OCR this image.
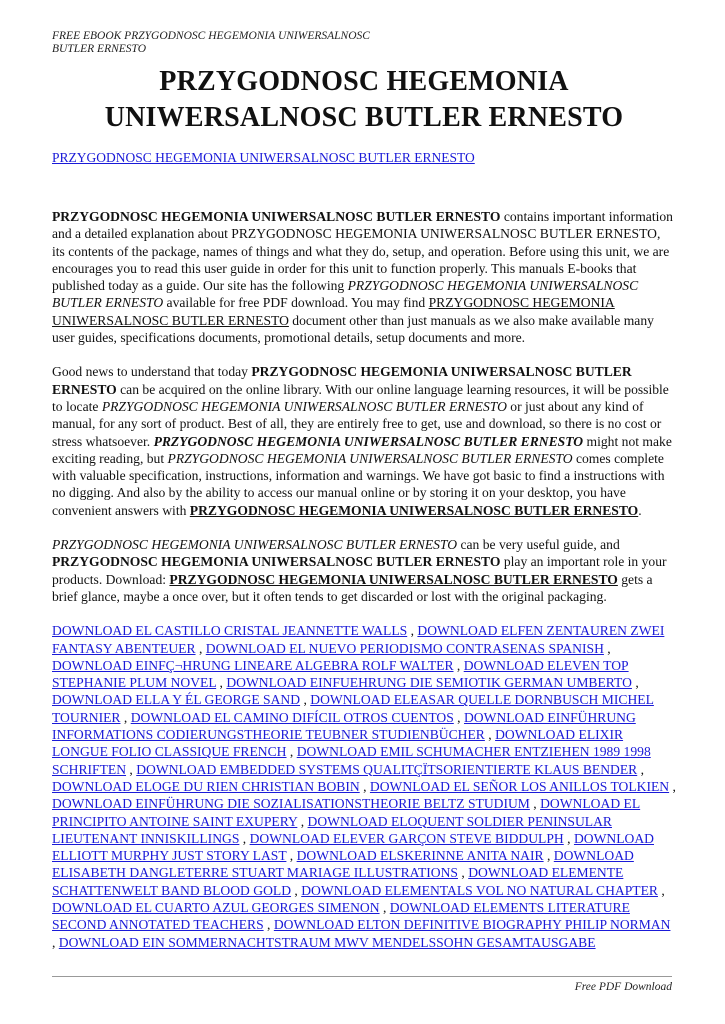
FREE EBOOK PRZYGODNOSC HEGEMONIA UNIWERSALNOSC
BUTLER ERNESTO
PRZYGODNOSC HEGEMONIA
UNIWERSALNOSC BUTLER ERNESTO
PRZYGODNOSC HEGEMONIA UNIWERSALNOSC BUTLER ERNESTO

PRZYGODNOSC HEGEMONIA UNIWERSALNOSC BUTLER ERNESTO contains important information and a detailed explanation about PRZYGODNOSC HEGEMONIA UNIWERSALNOSC BUTLER ERNESTO, its contents of the package, names of things and what they do, setup, and operation. Before using this unit, we are encourages you to read this user guide in order for this unit to function properly. This manuals E-books that published today as a guide. Our site has the following PRZYGODNOSC HEGEMONIA UNIWERSALNOSC BUTLER ERNESTO available for free PDF download. You may find PRZYGODNOSC HEGEMONIA UNIWERSALNOSC BUTLER ERNESTO document other than just manuals as we also make available many user guides, specifications documents, promotional details, setup documents and more.

Good news to understand that today PRZYGODNOSC HEGEMONIA UNIWERSALNOSC BUTLER ERNESTO can be acquired on the online library. With our online language learning resources, it will be possible to locate PRZYGODNOSC HEGEMONIA UNIWERSALNOSC BUTLER ERNESTO or just about any kind of manual, for any sort of product. Best of all, they are entirely free to get, use and download, so there is no cost or stress whatsoever. PRZYGODNOSC HEGEMONIA UNIWERSALNOSC BUTLER ERNESTO might not make exciting reading, but PRZYGODNOSC HEGEMONIA UNIWERSALNOSC BUTLER ERNESTO comes complete with valuable specification, instructions, information and warnings. We have got basic to find a instructions with no digging. And also by the ability to access our manual online or by storing it on your desktop, you have convenient answers with PRZYGODNOSC HEGEMONIA UNIWERSALNOSC BUTLER ERNESTO.

PRZYGODNOSC HEGEMONIA UNIWERSALNOSC BUTLER ERNESTO can be very useful guide, and PRZYGODNOSC HEGEMONIA UNIWERSALNOSC BUTLER ERNESTO play an important role in your products. Download: PRZYGODNOSC HEGEMONIA UNIWERSALNOSC BUTLER ERNESTO gets a brief glance, maybe a once over, but it often tends to get discarded or lost with the original packaging.

DOWNLOAD EL CASTILLO CRISTAL JEANNETTE WALLS , DOWNLOAD ELFEN ZENTAUREN ZWEI FANTASY ABENTEUER , DOWNLOAD EL NUEVO PERIODISMO CONTRASENAS SPANISH , DOWNLOAD EINFÇ¬HRUNG LINEARE ALGEBRA ROLF WALTER , DOWNLOAD ELEVEN TOP STEPHANIE PLUM NOVEL , DOWNLOAD EINFUEHRUNG DIE SEMIOTIK GERMAN UMBERTO , DOWNLOAD ELLA Y ÉL GEORGE SAND , DOWNLOAD ELEASAR QUELLE DORNBUSCH MICHEL TOURNIER , DOWNLOAD EL CAMINO DIFÍCIL OTROS CUENTOS , DOWNLOAD EINFÜHRUNG INFORMATIONS CODIERUNGSTHEORIE TEUBNER STUDIENBÜCHER , DOWNLOAD ELIXIR LONGUE FOLIO CLASSIQUE FRENCH , DOWNLOAD EMIL SCHUMACHER ENTZIEHEN 1989 1998 SCHRIFTEN , DOWNLOAD EMBEDDED SYSTEMS QUALITÇÏTSORIENTIERTE KLAUS BENDER , DOWNLOAD ELOGE DU RIEN CHRISTIAN BOBIN , DOWNLOAD EL SEÑOR LOS ANILLOS TOLKIEN , DOWNLOAD EINFÜHRUNG DIE SOZIALISATIONSTHEORIE BELTZ STUDIUM , DOWNLOAD EL PRINCIPITO ANTOINE SAINT EXUPERY , DOWNLOAD ELOQUENT SOLDIER PENINSULAR LIEUTENANT INNISKILLINGS , DOWNLOAD ELEVER GARÇON STEVE BIDDULPH , DOWNLOAD ELLIOTT MURPHY JUST STORY LAST , DOWNLOAD ELSKERINNE ANITA NAIR , DOWNLOAD ELISABETH DANGLETERRE STUART MARIAGE ILLUSTRATIONS , DOWNLOAD ELEMENTE SCHATTENWELT BAND BLOOD GOLD , DOWNLOAD ELEMENTALS VOL NO NATURAL CHAPTER , DOWNLOAD EL CUARTO AZUL GEORGES SIMENON , DOWNLOAD ELEMENTS LITERATURE SECOND ANNOTATED TEACHERS , DOWNLOAD ELTON DEFINITIVE BIOGRAPHY PHILIP NORMAN , DOWNLOAD EIN SOMMERNACHTSTRAUM MWV MENDELSSOHN GESAMTAUSGABE
Free PDF Download
